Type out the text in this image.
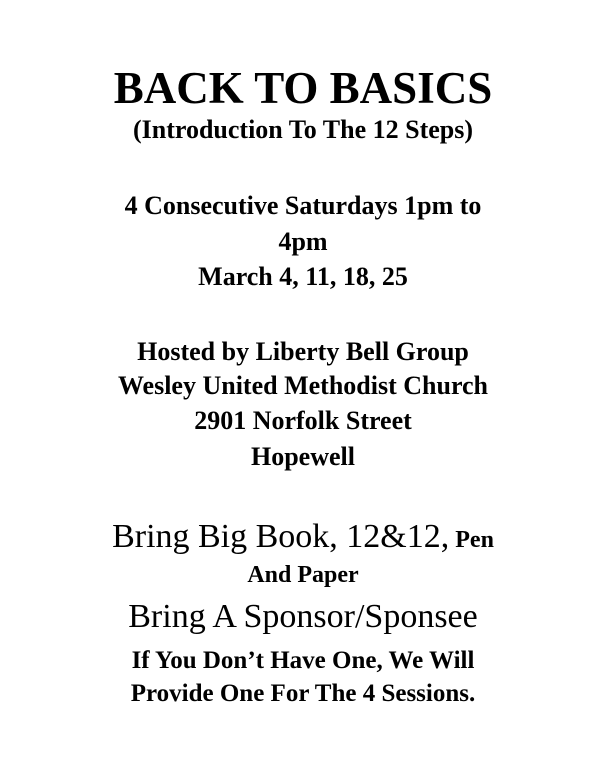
BACK TO BASICS
(Introduction To The 12 Steps)
4 Consecutive Saturdays 1pm to
4pm
March 4, 11, 18, 25
Hosted by Liberty Bell Group
Wesley United Methodist Church
2901 Norfolk Street
Hopewell
Bring Big Book, 12&12, Pen
And Paper
Bring A Sponsor/Sponsee
If You Don’t Have One, We Will
Provide One For The 4 Sessions.
